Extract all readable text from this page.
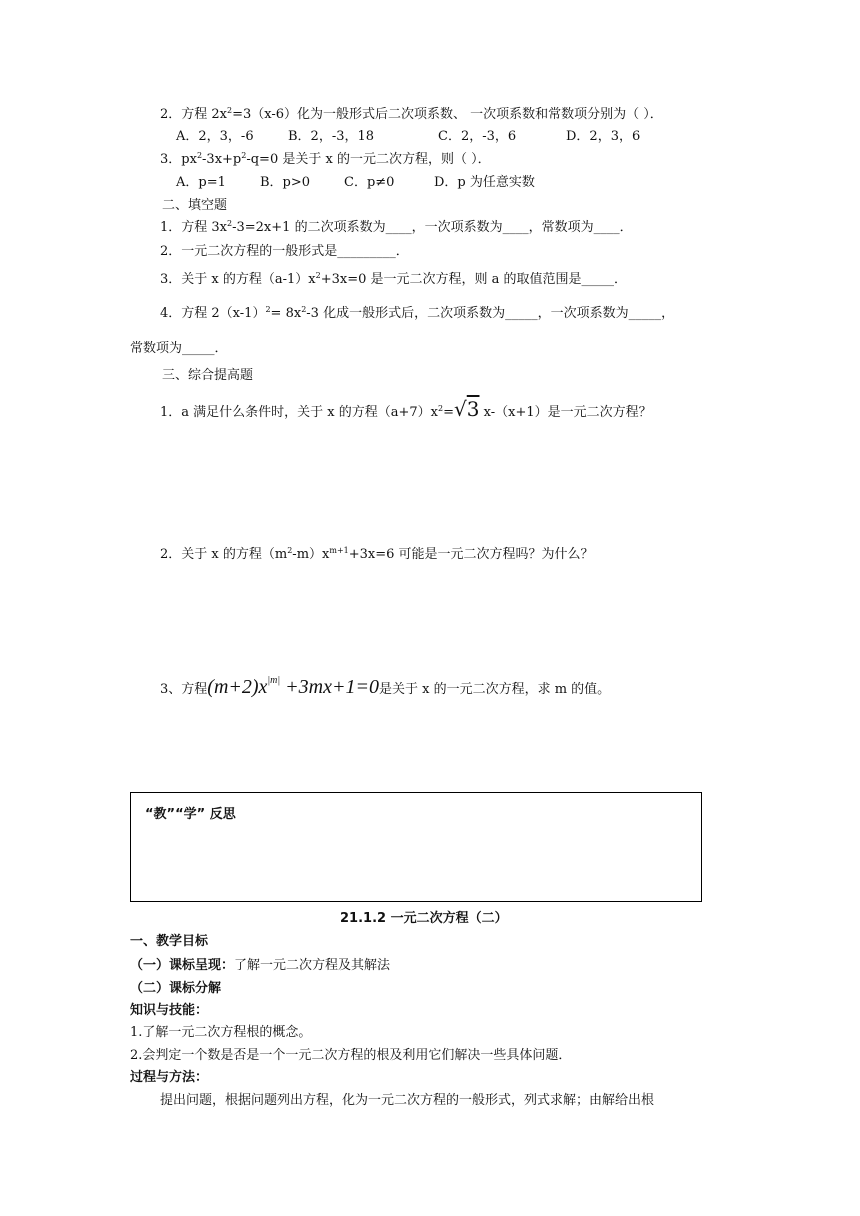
2．方程 $2x^2=3(x-6)$化为一般形式后二次项系数、 一次项系数和常数项分别为（ ）．
A．2，3，-6	B．2，-3，18	C．2，-3，6	D．2，3，6
3．$px^2-3x+p^2-q=0$ 是关于 x 的一元二次方程，则（ ）．
A．p=1	B．p>0	C．p≠0	D．p 为任意实数
二、填空题
1．方程 $3x^2-3=2x+1$ 的二次项系数为____，一次项系数为____，常数项为____．
2．一元二次方程的一般形式是_________．
3．关于 x 的方程$(a-1)x^2+3x=0$ 是一元二次方程，则 a 的取值范围是_____．
4．方程 $2(x-1)^2= 8x^2-3$ 化成一般形式后，二次项系数为_____，一次项系数为_____，
常数项为_____．
三、综合提高题
1．a 满足什么条件时，关于 x 的方程$(a+7)x^2=√3$ x-（x+1）是一元二次方程？
2．关于 x 的方程$(m^2-m)x^{m+1}+3x=6$ 可能是一元二次方程吗？为什么？
3、方程$(m+2)x^{|m|} +3mx+1=0$是关于 x 的一元二次方程，求 m 的值。
“教”“学” 反思
21.1.2 一元二次方程（二）
一、教学目标
（一）课标呈现：了解一元二次方程及其解法
（二）课标分解
知识与技能：
1.了解一元二次方程根的概念。
2.会判定一个数是否是一个一元二次方程的根及利用它们解决一些具体问题．
过程与方法：
提出问题，根据问题列出方程，化为一元二次方程的一般形式，列式求解；由解给出根
